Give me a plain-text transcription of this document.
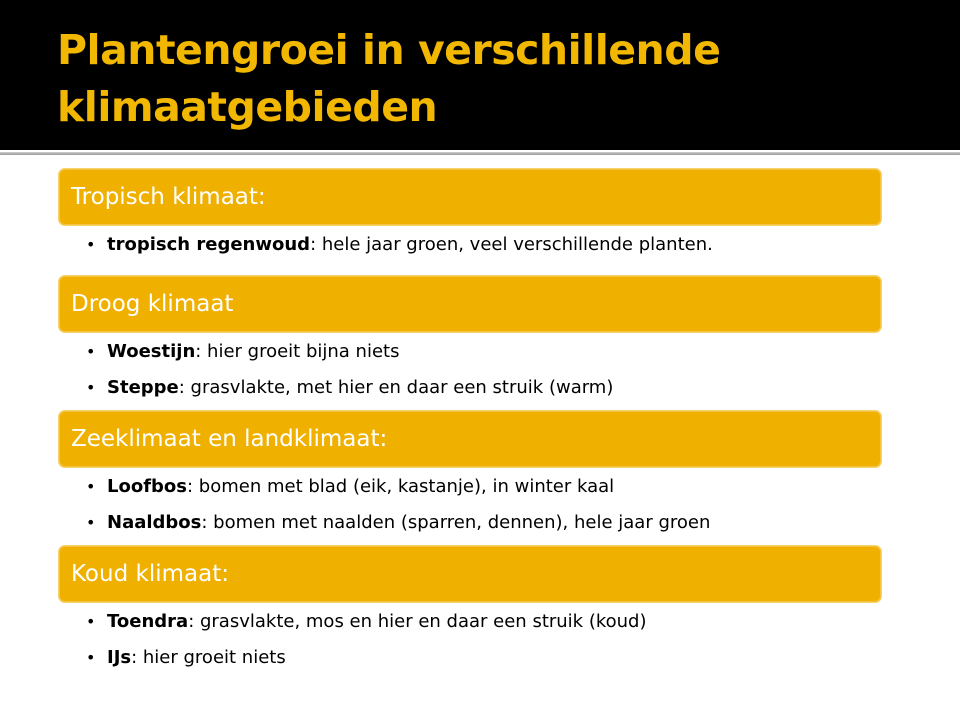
Plantengroei in verschillende klimaatgebieden
Tropisch klimaat:
• tropisch regenwoud: hele jaar groen, veel verschillende planten.
Droog klimaat
• Woestijn: hier groeit bijna niets
• Steppe: grasvlakte, met hier en daar een struik (warm)
Zeeklimaat en landklimaat:
• Loofbos: bomen met blad (eik, kastanje), in winter kaal
• Naaldbos: bomen met naalden (sparren, dennen), hele jaar groen
Koud klimaat:
• Toendra: grasvlakte, mos en hier en daar een struik (koud)
• IJs: hier groeit niets
